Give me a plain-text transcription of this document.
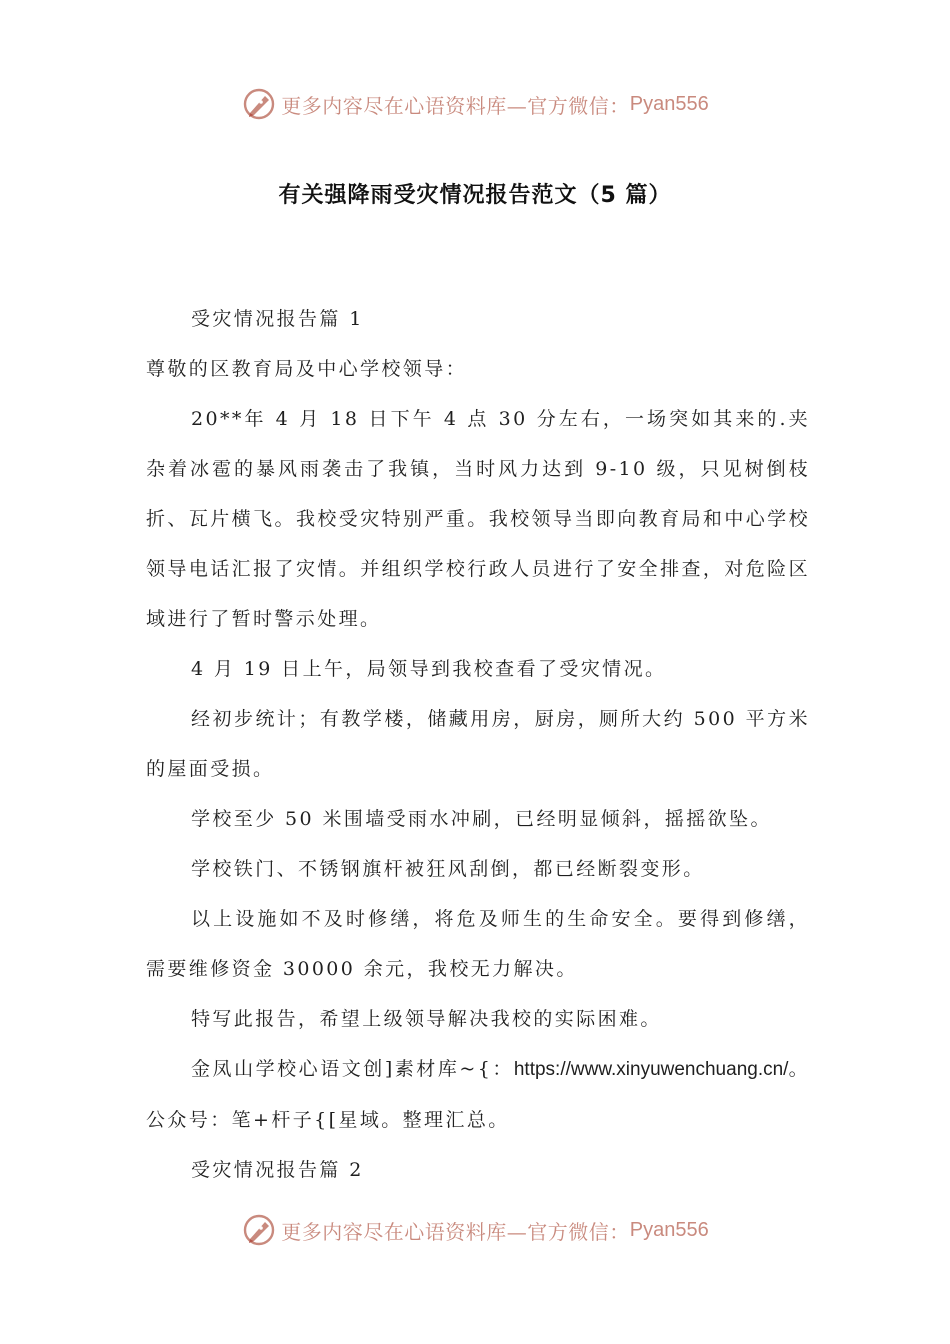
更多内容尽在心语资料库—官方微信： Pyan556
有关强降雨受灾情况报告范文（5 篇）

受灾情况报告篇 1

尊敬的区教育局及中心学校领导：

20**年 4 月 18 日下午 4 点 30 分左右，一场突如其来的.夹杂着冰雹的暴风雨袭击了我镇，当时风力达到 9-10 级，只见树倒枝折、瓦片横飞。我校受灾特别严重。我校领导当即向教育局和中心学校领导电话汇报了灾情。并组织学校行政人员进行了安全排查，对危险区域进行了暂时警示处理。

4 月 19 日上午，局领导到我校查看了受灾情况。

经初步统计；有教学楼，储藏用房，厨房，厕所大约 500 平方米的屋面受损。

学校至少 50 米围墙受雨水冲刷，已经明显倾斜，摇摇欲坠。

学校铁门、不锈钢旗杆被狂风刮倒，都已经断裂变形。

以上设施如不及时修缮，将危及师生的生命安全。要得到修缮，需要维修资金 30000 余元，我校无力解决。

特写此报告，希望上级领导解决我校的实际困难。

金凤山学校心语文创]素材库~{：https://www.xinyuwenchuang.cn/。公众号：笔+杆子{[星域。整理汇总。

受灾情况报告篇 2

更多内容尽在心语资料库—官方微信： Pyan556
